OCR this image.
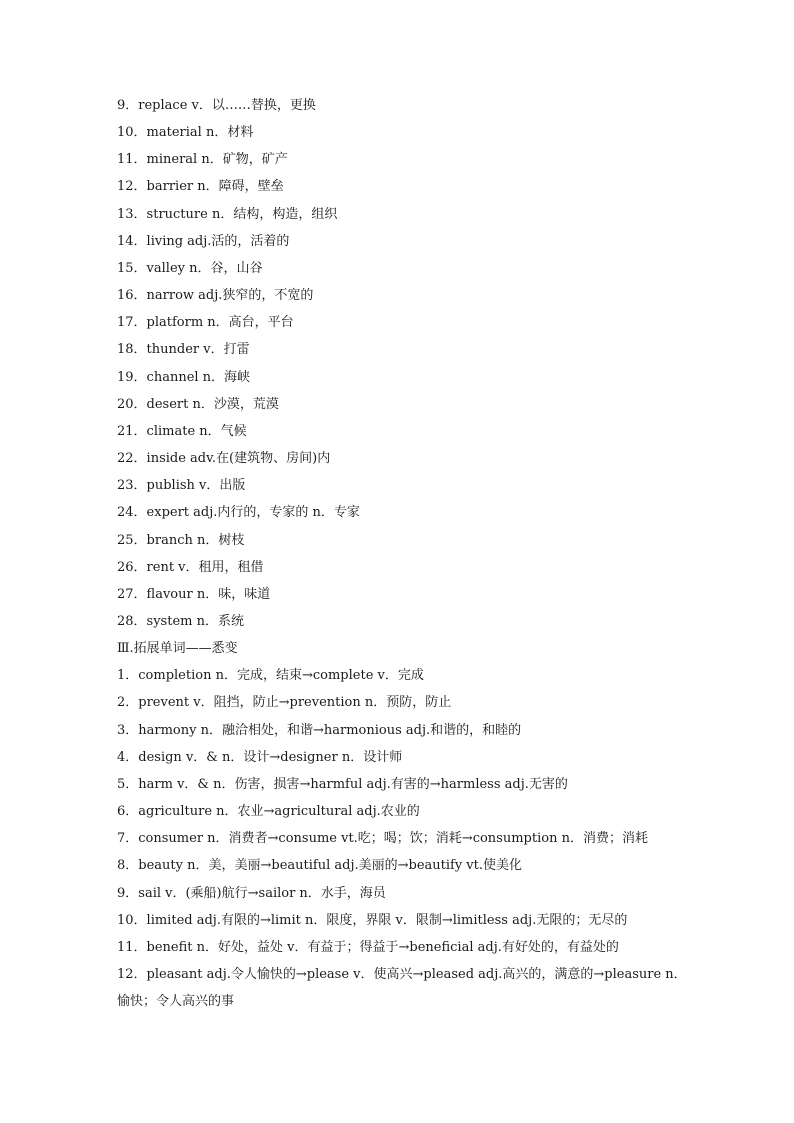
9．replace v．以……替换，更换
10．material n．材料
11．mineral n．矿物，矿产
12．barrier n．障碍，壁垒
13．structure n．结构，构造，组织
14．living adj.活的，活着的
15．valley n．谷，山谷
16．narrow adj.狭窄的，不宽的
17．platform n．高台，平台
18．thunder v．打雷
19．channel n．海峡
20．desert n．沙漠，荒漠
21．climate n．气候
22．inside adv.在(建筑物、房间)内
23．publish v．出版
24．expert adj.内行的，专家的 n．专家
25．branch n．树枝
26．rent v．租用，租借
27．flavour n．味，味道
28．system n．系统
Ⅲ.拓展单词——悉变
1．completion n．完成，结束→complete v．完成
2．prevent v．阻挡，防止→prevention n．预防，防止
3．harmony n．融洽相处，和谐→harmonious adj.和谐的，和睦的
4．design v．& n．设计→designer n．设计师
5．harm v．& n．伤害，损害→harmful adj.有害的→harmless adj.无害的
6．agriculture n．农业→agricultural adj.农业的
7．consumer n．消费者→consume vt.吃；喝；饮；消耗→consumption n．消费；消耗
8．beauty n．美，美丽→beautiful adj.美丽的→beautify vt.使美化
9．sail v．(乘船)航行→sailor n．水手，海员
10．limited adj.有限的→limit n．限度，界限 v．限制→limitless adj.无限的；无尽的
11．benefit n．好处，益处 v．有益于；得益于→beneficial adj.有好处的，有益处的
12．pleasant adj.令人愉快的→please v．使高兴→pleased adj.高兴的，满意的→pleasure n．愉快；令人高兴的事
